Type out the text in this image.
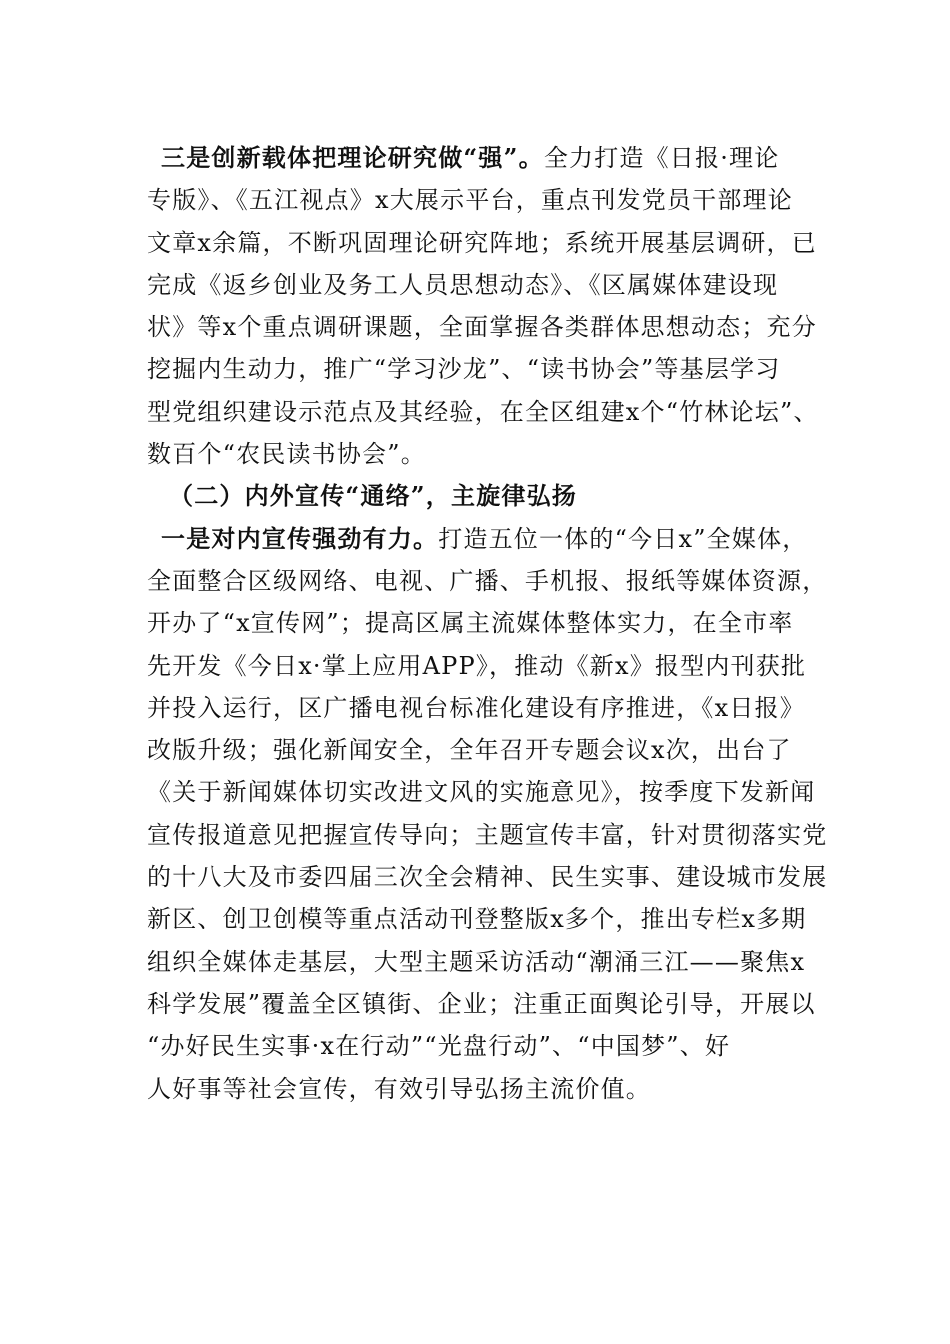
三是创新载体把理论研究做“强”。全力打造《日报·理论
专版》、《五江视点》x大展示平台，重点刊发党员干部理论
文章x余篇，不断巩固理论研究阵地；系统开展基层调研，已
完成《返乡创业及务工人员思想动态》、《区属媒体建设现
状》等x个重点调研课题，全面掌握各类群体思想动态；充分
挖掘内生动力，推广“学习沙龙”、“读书协会”等基层学习
型党组织建设示范点及其经验，在全区组建x个“竹林论坛”、
数百个“农民读书协会”。
（二）内外宣传“通络”，主旋律弘扬
一是对内宣传强劲有力。打造五位一体的“今日x”全媒体，
全面整合区级网络、电视、广播、手机报、报纸等媒体资源，
开办了“x宣传网”；提高区属主流媒体整体实力，在全市率
先开发《今日x·掌上应用APP》，推动《新x》报型内刊获批
并投入运行，区广播电视台标准化建设有序推进，《x日报》
改版升级；强化新闻安全，全年召开专题会议x次，出台了
《关于新闻媒体切实改进文风的实施意见》，按季度下发新闻
宣传报道意见把握宣传导向；主题宣传丰富，针对贯彻落实党
的十八大及市委四届三次全会精神、民生实事、建设城市发展
新区、创卫创模等重点活动刊登整版x多个，推出专栏x多期
组织全媒体走基层，大型主题采访活动“潮涌三江——聚焦x
科学发展”覆盖全区镇街、企业；注重正面舆论引导，开展以
“办好民生实事·x在行动”“光盘行动”、“中国梦”、好
人好事等社会宣传，有效引导弘扬主流价值。
